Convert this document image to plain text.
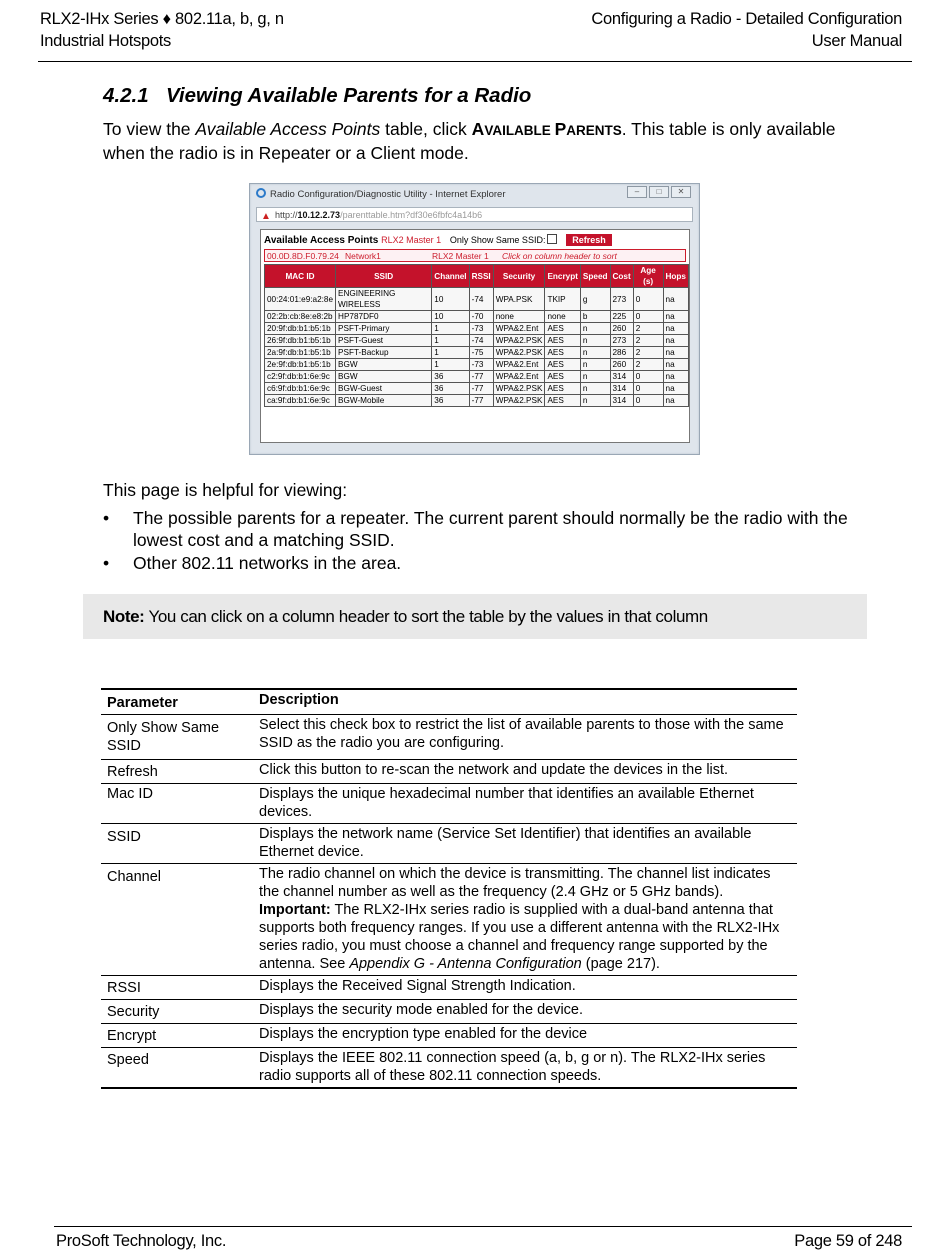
RLX2-IHx Series ♦ 802.11a, b, g, n
Industrial Hotspots
Configuring a Radio - Detailed Configuration
User Manual
4.2.1 Viewing Available Parents for a Radio
To view the Available Access Points table, click AVAILABLE PARENTS. This table is only available when the radio is in Repeater or a Client mode.
Radio Configuration/Diagnostic Utility - Internet Explorer	– □ ✕
▲ http://10.12.2.73/parenttable.htm?df30e6fbfc4a14b6
Available Access Points RLX2 Master 1 Only Show Same SSID:	Refresh
00.0D.8D.F0.79.24 Network1	RLX2 Master 1 Click on column header to sort
MAC ID	SSID	Channel	RSSI	Security	Encrypt	Speed	Cost	Age (s)	Hops
00:24:01:e9:a2:8e	ENGINEERING WIRELESS	10	-74	WPA.PSK	TKIP	g	273	0	na
02:2b:cb:8e:e8:2b	HP787DF0	10	-70	none	none	b	225	0	na
20:9f:db:b1:b5:1b	PSFT-Primary	1	-73	WPA&2.Ent	AES	n	260	2	na
26:9f:db:b1:b5:1b	PSFT-Guest	1	-74	WPA&2.PSK	AES	n	273	2	na
2a:9f:db:b1:b5:1b	PSFT-Backup	1	-75	WPA&2.PSK	AES	n	286	2	na
2e:9f:db:b1:b5:1b	BGW	1	-73	WPA&2.Ent	AES	n	260	2	na
c2:9f:db:b1:6e:9c	BGW	36	-77	WPA&2.Ent	AES	n	314	0	na
c6:9f:db:b1:6e:9c	BGW-Guest	36	-77	WPA&2.PSK	AES	n	314	0	na
ca:9f:db:b1:6e:9c	BGW-Mobile	36	-77	WPA&2.PSK	AES	n	314	0	na
This page is helpful for viewing:
• The possible parents for a repeater. The current parent should normally be the radio with the lowest cost and a matching SSID.
• Other 802.11 networks in the area.
Note: You can click on a column header to sort the table by the values in that column
Parameter	Description
Only Show Same SSID	Select this check box to restrict the list of available parents to those with the same SSID as the radio you are configuring.
Refresh	Click this button to re-scan the network and update the devices in the list.
Mac ID	Displays the unique hexadecimal number that identifies an available Ethernet devices.
SSID	Displays the network name (Service Set Identifier) that identifies an available Ethernet device.
Channel	The radio channel on which the device is transmitting. The channel list indicates the channel number as well as the frequency (2.4 GHz or 5 GHz bands).
Important: The RLX2-IHx series radio is supplied with a dual-band antenna that supports both frequency ranges. If you use a different antenna with the RLX2-IHx series radio, you must choose a channel and frequency range supported by the antenna. See Appendix G - Antenna Configuration (page 217).
RSSI	Displays the Received Signal Strength Indication.
Security	Displays the security mode enabled for the device.
Encrypt	Displays the encryption type enabled for the device
Speed	Displays the IEEE 802.11 connection speed (a, b, g or n). The RLX2-IHx series radio supports all of these 802.11 connection speeds.
ProSoft Technology, Inc.	Page 59 of 248
